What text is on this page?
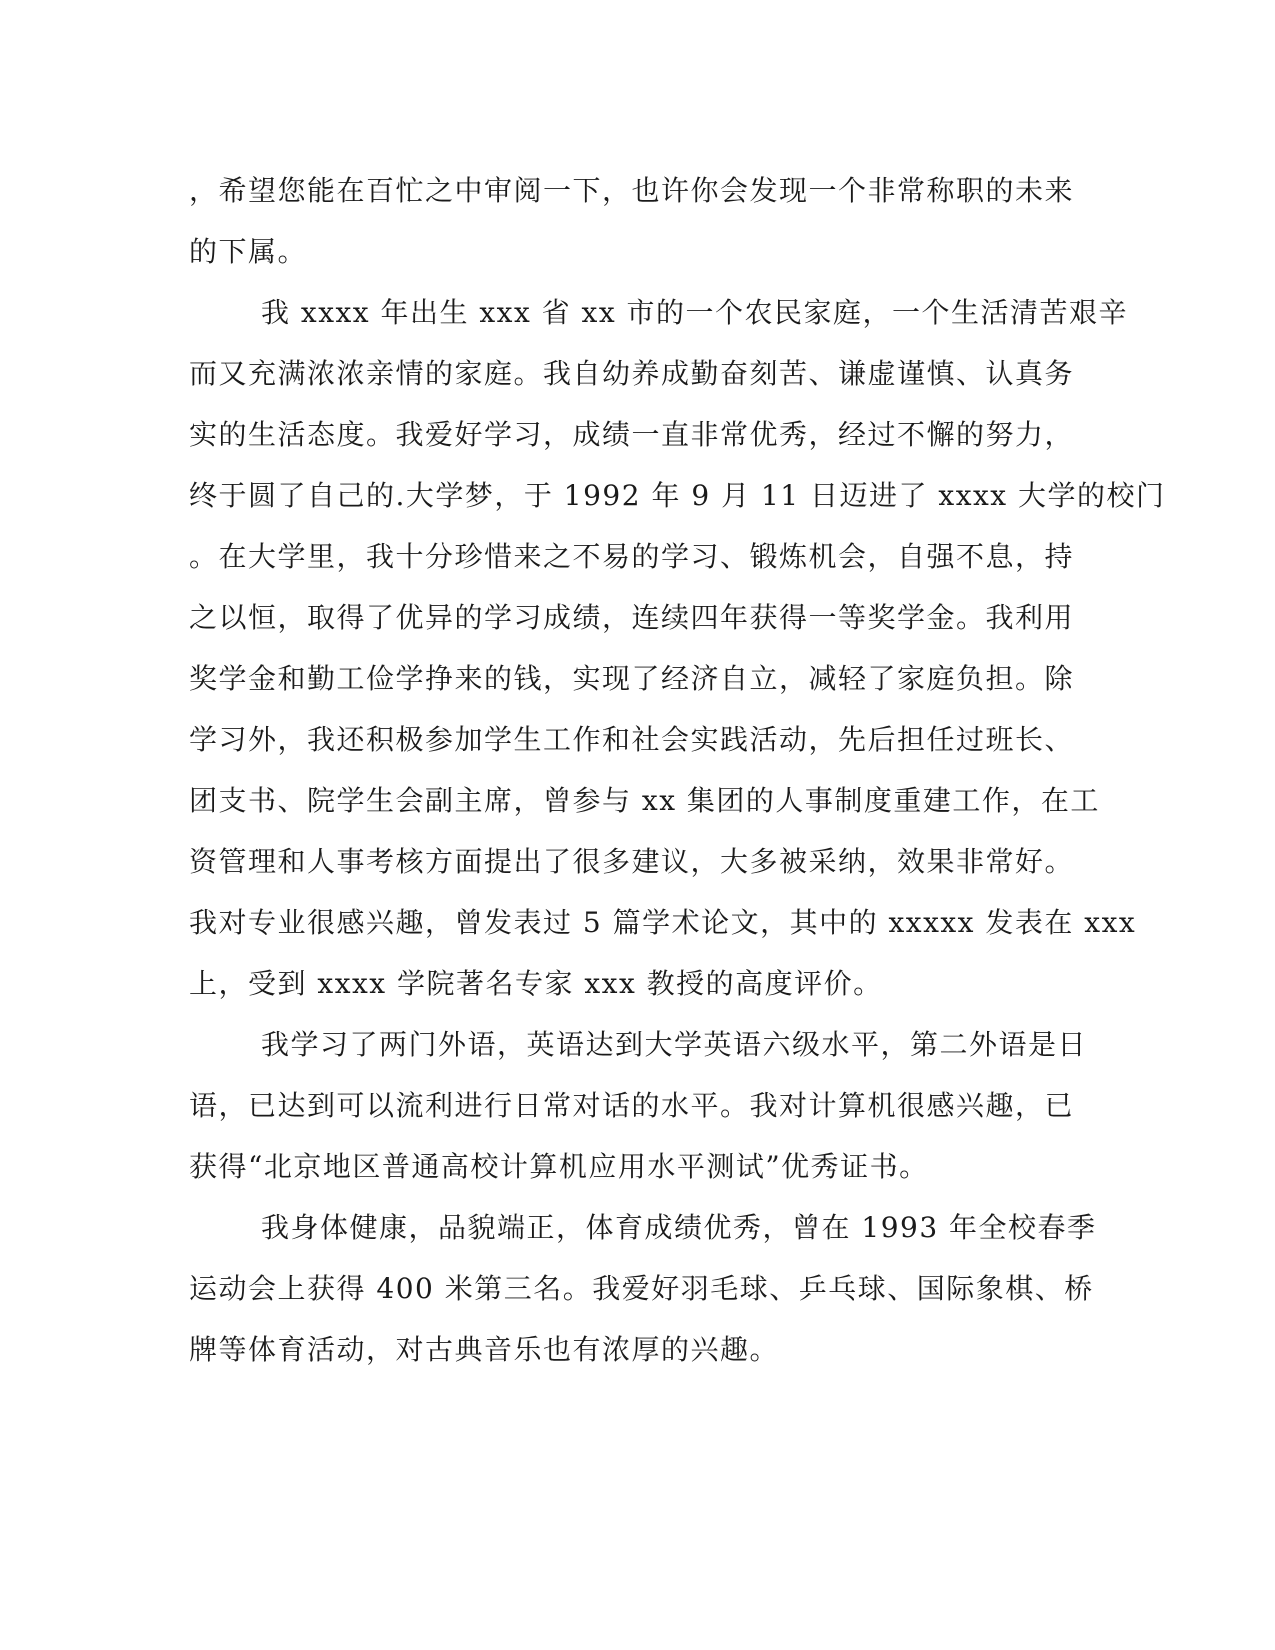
，希望您能在百忙之中审阅一下，也许你会发现一个非常称职的未来
的下属。
我 xxxx 年出生 xxx 省 xx 市的一个农民家庭，一个生活清苦艰辛
而又充满浓浓亲情的家庭。我自幼养成勤奋刻苦、谦虚谨慎、认真务
实的生活态度。我爱好学习，成绩一直非常优秀，经过不懈的努力，
终于圆了自己的.大学梦，于 1992 年 9 月 11 日迈进了 xxxx 大学的校门
。在大学里，我十分珍惜来之不易的学习、锻炼机会，自强不息，持
之以恒，取得了优异的学习成绩，连续四年获得一等奖学金。我利用
奖学金和勤工俭学挣来的钱，实现了经济自立，减轻了家庭负担。除
学习外，我还积极参加学生工作和社会实践活动，先后担任过班长、
团支书、院学生会副主席，曾参与 xx 集团的人事制度重建工作，在工
资管理和人事考核方面提出了很多建议，大多被采纳，效果非常好。
我对专业很感兴趣，曾发表过 5 篇学术论文，其中的 xxxxx 发表在 xxx
上，受到 xxxx 学院著名专家 xxx 教授的高度评价。
我学习了两门外语，英语达到大学英语六级水平，第二外语是日
语，已达到可以流利进行日常对话的水平。我对计算机很感兴趣，已
获得“北京地区普通高校计算机应用水平测试”优秀证书。
我身体健康，品貌端正，体育成绩优秀，曾在 1993 年全校春季
运动会上获得 400 米第三名。我爱好羽毛球、乒乓球、国际象棋、桥
牌等体育活动，对古典音乐也有浓厚的兴趣。
